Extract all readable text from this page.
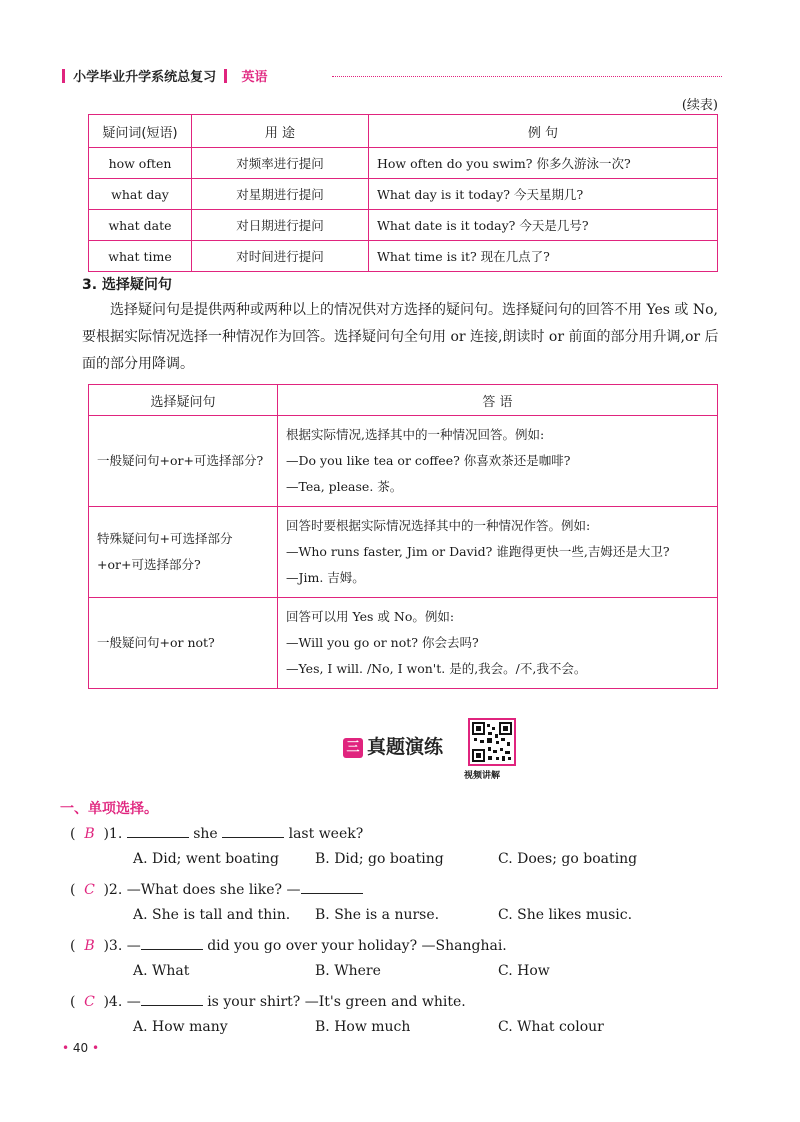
小学毕业升学系统总复习 英语
(续表)
疑问词(短语)	用 途	例 句
how often	对频率进行提问	How often do you swim? 你多久游泳一次?
what day	对星期进行提问	What day is it today? 今天星期几?
what date	对日期进行提问	What date is it today? 今天是几号?
what time	对时间进行提问	What time is it? 现在几点了?
3. 选择疑问句
选择疑问句是提供两种或两种以上的情况供对方选择的疑问句。选择疑问句的回答不用 Yes 或 No,要根据实际情况选择一种情况作为回答。选择疑问句全句用 or 连接,朗读时 or 前面的部分用升调,or 后面的部分用降调。
选择疑问句	答 语
一般疑问句+or+可选择部分?	根据实际情况,选择其中的一种情况回答。例如:
—Do you like tea or coffee? 你喜欢茶还是咖啡?
—Tea, please. 茶。

特殊疑问句+可选择部分+or+可选择部分?	回答时要根据实际情况选择其中的一种情况作答。例如:
—Who runs faster, Jim or David? 谁跑得更快一些,吉姆还是大卫?
—Jim. 吉姆。

一般疑问句+or not?	回答可以用 Yes 或 No。例如:
—Will you go or not? 你会去吗?
—Yes, I will. /No, I won't. 是的,我会。/不,我不会。
三 真题演练
视频讲解
一、单项选择。
( B )1.	she	last week?
A. Did; went boating	B. Did; go boating	C. Does; go boating
( C )2. —What does she like? —
A. She is tall and thin. B. She is a nurse.	C. She likes music.
( B )3. —	did you go over your holiday? —Shanghai.
A. What	B. Where	C. How
( C )4. —	is your shirt? —It's green and white.
A. How many	B. How much	C. What colour
• 40 •
